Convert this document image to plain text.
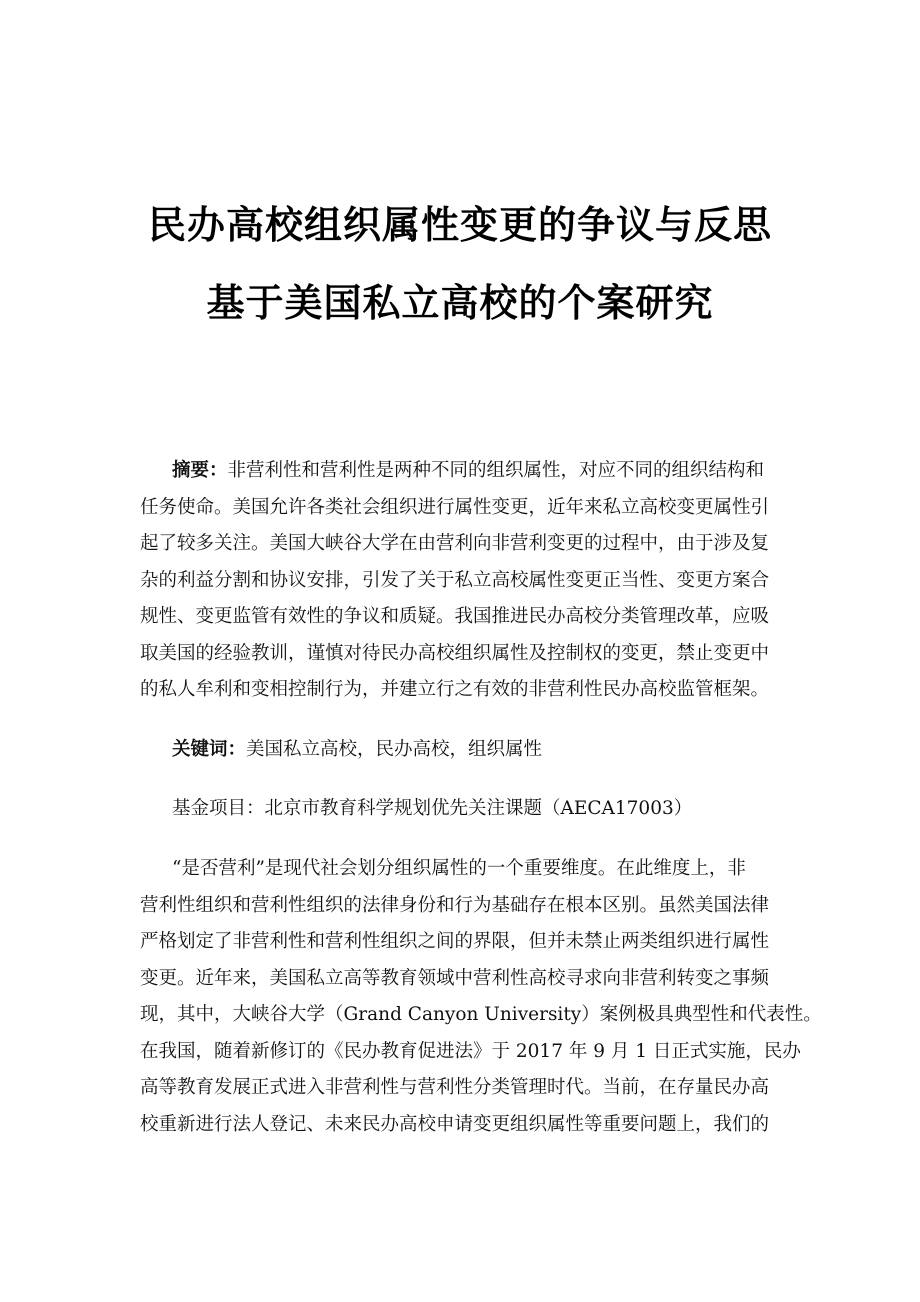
民办高校组织属性变更的争议与反思
基于美国私立高校的个案研究
摘要：非营利性和营利性是两种不同的组织属性，对应不同的组织结构和
任务使命。美国允许各类社会组织进行属性变更，近年来私立高校变更属性引
起了较多关注。美国大峡谷大学在由营利向非营利变更的过程中，由于涉及复
杂的利益分割和协议安排，引发了关于私立高校属性变更正当性、变更方案合
规性、变更监管有效性的争议和质疑。我国推进民办高校分类管理改革，应吸
取美国的经验教训，谨慎对待民办高校组织属性及控制权的变更，禁止变更中
的私人牟利和变相控制行为，并建立行之有效的非营利性民办高校监管框架。
关键词：美国私立高校，民办高校，组织属性
基金项目：北京市教育科学规划优先关注课题（AECA17003）
“是否营利”是现代社会划分组织属性的一个重要维度。在此维度上，非
营利性组织和营利性组织的法律身份和行为基础存在根本区别。虽然美国法律
严格划定了非营利性和营利性组织之间的界限，但并未禁止两类组织进行属性
变更。近年来，美国私立高等教育领域中营利性高校寻求向非营利转变之事频
现，其中，大峡谷大学（Grand Canyon University）案例极具典型性和代表性。
在我国，随着新修订的《民办教育促进法》于 2017 年 9 月 1 日正式实施，民办
高等教育发展正式进入非营利性与营利性分类管理时代。当前，在存量民办高
校重新进行法人登记、未来民办高校申请变更组织属性等重要问题上，我们的
